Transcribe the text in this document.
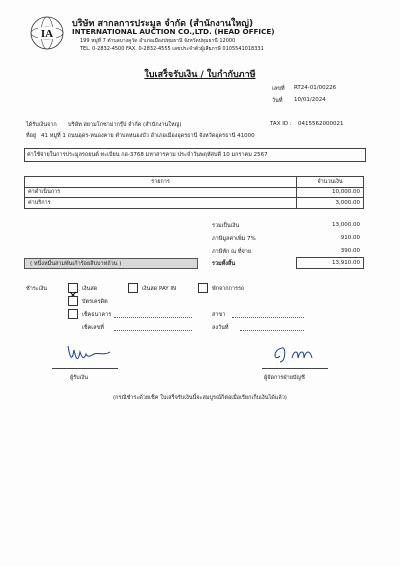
IA
บริษัท สากลการประมูล จำกัด (สำนักงานใหญ่)
INTERNATIONAL AUCTION CO.,LTD. (HEAD OFFICE)
199 หมู่ที่ 7 ตำบลบางคูวัด อำเภอเมืองปทุมธานี จังหวัดปทุมธานี 12000
TEL. 0-2832-4500 FAX. 0-2832-4555 เลขประจำตัวผู้เสียภาษี 0105541018331
ใบเสร็จรับเงิน / ใบกำกับภาษี
เลขที่ RT24-01/00226
วันที่ 10/01/2024
ได้รับเงินจาก บริษัท สยามโกซาม่ากรุ๊ป จำกัด (สำนักงานใหญ่)	TAX ID : 0415562000021
ที่อยู่ 41 หมู่ที่ 1 ถนนอุดร-หนองคาย ตำบลหนองบัว อำเภอเมืองอุดรธานี จังหวัดอุดรธานี 41000
ค่าใช้จ่ายในการประมูลรถยนต์ ทะเบียน กฮ-3768 มหาสารคาม ประจำวันพฤหัสบดี 10 มกราคม 2567
รายการ	จำนวนเงิน
ค่าดำเนินการ	10,000.00
ค่าบริการ	3,000.00
รวมเป็นเงิน	13,000.00
ภาษีมูลค่าเพิ่ม 7%	910.00
ภาษีหัก ณ ที่จ่าย	390.00
( หนึ่งหมื่นสามพันเก้าร้อยสิบบาทถ้วน )	รวมทั้งสิ้น	13,910.00
ชำระเงิน	เงินสด	เงินสด PAY IN	พักจากการรถ
บัตรเครดิต
เช็คธนาคาร	สาขา
เช็คเลขที่	ลงวันที่
ผู้รับเงิน	ผู้จัดการฝ่ายบัญชี
(กรณีชำระด้วยเช็ค ใบเสร็จรับเงินนี้จะสมบูรณ์ก็ต่อเมื่อเรียกเก็บเงินได้แล้ว)
